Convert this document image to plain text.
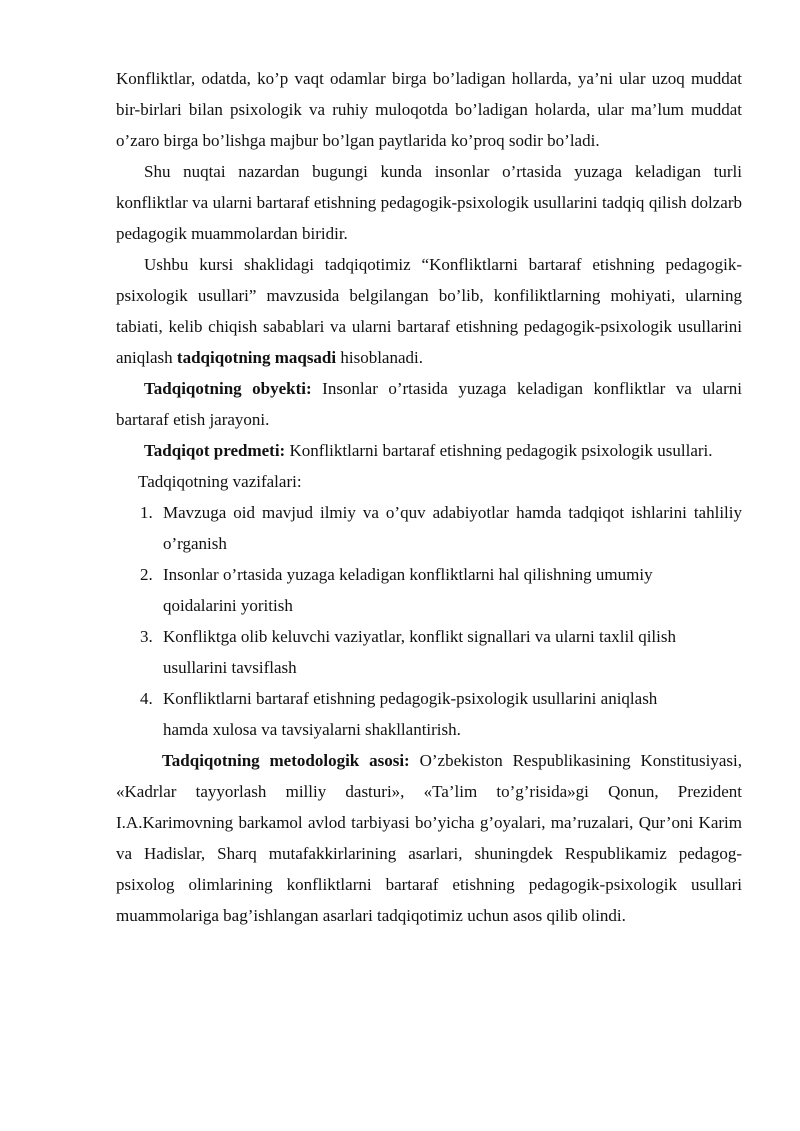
Konfliktlar, odatda, ko’p vaqt odamlar birga bo’ladigan hollarda, ya’ni ular uzoq muddat bir-birlari bilan psixologik va ruhiy muloqotda bo’ladigan holarda, ular ma’lum muddat o’zaro birga bo’lishga majbur bo’lgan paytlarida ko’proq sodir bo’ladi.

Shu nuqtai nazardan bugungi kunda insonlar o’rtasida yuzaga keladigan turli konfliktlar va ularni bartaraf etishning pedagogik-psixologik usullarini tadqiq qilish dolzarb pedagogik muammolardan biridir.

Ushbu kursi shaklidagi tadqiqotimiz “Konfliktlarni bartaraf etishning pedagogik-psixologik usullari” mavzusida belgilangan bo’lib, konfiliktlarning mohiyati, ularning tabiati, kelib chiqish sabablari va ularni bartaraf etishning pedagogik-psixologik usullarini aniqlash tadqiqotning maqsadi hisoblanadi.

Tadqiqotning obyekti: Insonlar o’rtasida yuzaga keladigan konfliktlar va ularni bartaraf etish jarayoni.

Tadqiqot predmeti: Konfliktlarni bartaraf etishning pedagogik psixologik usullari.

Tadqiqotning vazifalari:

1. Mavzuga oid mavjud ilmiy va o’quv adabiyotlar hamda tadqiqot ishlarini tahliliy o’rganish
2. Insonlar o’rtasida yuzaga keladigan konfliktlarni hal qilishning umumiy qoidalarini yoritish
3. Konfliktga olib keluvchi vaziyatlar, konflikt signallari va ularni taxlil qilish usullarini tavsiflash
4. Konfliktlarni bartaraf etishning pedagogik-psixologik usullarini aniqlash hamda xulosa va tavsiyalarni shakllantirish.

Tadqiqotning metodologik asosi: O’zbekiston Respublikasining Konstitusiyasi, «Kadrlar tayyorlash milliy dasturi», «Ta’lim to’g’risida»gi Qonun, Prezident I.A.Karimovning barkamol avlod tarbiyasi bo’yicha g’oyalari, ma’ruzalari, Qur’oni Karim va Hadislar, Sharq mutafakkirlarining asarlari, shuningdek Respublikamiz pedagog-psixolog olimlarining konfliktlarni bartaraf etishning pedagogik-psixologik usullari muammolariga bag’ishlangan asarlari tadqiqotimiz uchun asos qilib olindi.
